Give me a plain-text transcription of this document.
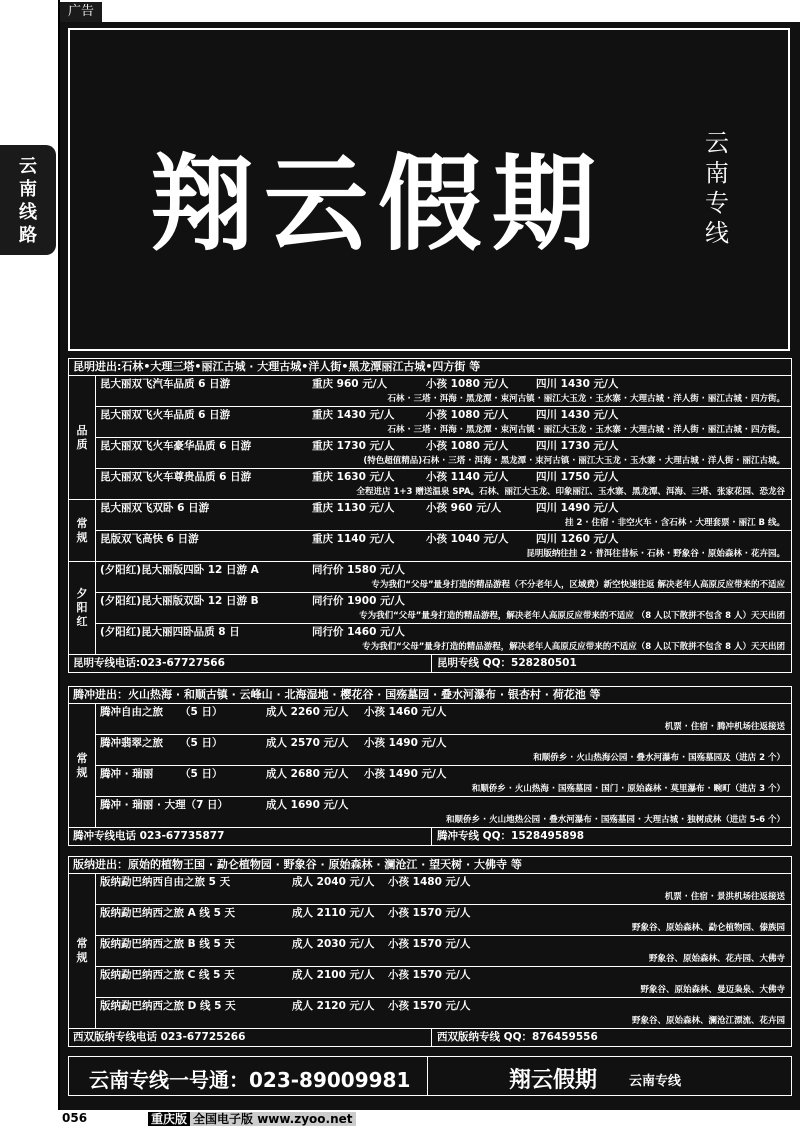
广告
云
南
线
路 翔云假期	云
南
专
线
昆明进出:石林•大理三塔•丽江古城 · 大理古城•洋人街•黑龙潭丽江古城•四方街 等
品
质
昆大丽双飞汽车品质 6 日游	重庆 960 元/人	小孩 1080 元/人	四川 1430 元/人
石林 · 三塔 · 洱海 · 黑龙潭 · 束河古镇 · 丽江大玉龙 · 玉水寨 · 大理古城 · 洋人街 · 丽江古城 · 四方街。
昆大丽双飞火车品质 6 日游	重庆 1430 元/人	小孩 1080 元/人	四川 1430 元/人
石林 · 三塔 · 洱海 · 黑龙潭 · 束河古镇 · 丽江大玉龙 · 玉水寨 · 大理古城 · 洋人街 · 丽江古城 · 四方街。
昆大丽双飞火车豪华品质 6 日游	重庆 1730 元/人	小孩 1080 元/人	四川 1730 元/人
(特色超值精品)石林 · 三塔 · 洱海 · 黑龙潭 · 束河古镇 · 丽江大玉龙 · 玉水寨 · 大理古城 · 洋人街 · 丽江古城。
昆大丽双飞火车尊贵品质 6 日游	重庆 1630 元/人	小孩 1140 元/人	四川 1750 元/人
全程进店 1+3 赠送温泉 SPA。石林、丽江大玉龙、印象丽江、玉水寨、黑龙潭、洱海、三塔、张家花园、恐龙谷
常
规
昆大丽双飞双卧 6 日游	重庆 1130 元/人	小孩 960 元/人	四川 1490 元/人
挂 2 · 住宿 · 非空火车 · 含石林 · 大理套票 · 丽江 B 线。
昆版双飞高快 6 日游	重庆 1140 元/人	小孩 1040 元/人	四川 1260 元/人
昆明版纳往挂 2 · 普洱往昔标 · 石林 · 野象谷 · 原始森林 · 花卉园。
夕
阳
红
(夕阳红)昆大丽版四卧 12 日游 A	同行价 1580 元/人
专为我们“父母”量身打造的精品游程（不分老年人，区域费）新空快速往返 解决老年人高原反应带来的不适应
(夕阳红)昆大丽版双卧 12 日游 B	同行价 1900 元/人
专为我们“父母”量身打造的精品游程，解决老年人高原反应带来的不适应 （8 人以下散拼不包含 8 人）天天出团
(夕阳红)昆大丽四卧品质 8 日	同行价 1460 元/人
专为我们“父母”量身打造的精品游程，解决老年人高原反应带来的不适应（8 人以下散拼不包含 8 人）天天出团
昆明专线电话:023-67727566	昆明专线 QQ：528280501
腾冲进出：火山热海 · 和顺古镇 · 云峰山 · 北海湿地 · 樱花谷 · 国殇墓园 · 叠水河瀑布 · 银杏村 · 荷花池 等
常
规
腾冲自由之旅 （5 日）	成人 2260 元/人 小孩 1460 元/人
机票 · 住宿 · 腾冲机场往返接送
腾冲翡翠之旅 （5 日）	成人 2570 元/人 小孩 1490 元/人
和顺侨乡 · 火山热海公园 · 叠水河瀑布 · 国殇墓园及（进店 2 个）
腾冲 · 瑞丽	（5 日）	成人 2680 元/人 小孩 1490 元/人
和顺侨乡 · 火山热海 · 国殇墓园 · 国门 · 原始森林 · 莫里瀑布 · 畹町（进店 3 个）
腾冲 · 瑞丽 · 大理（7 日）	成人 1690 元/人
和顺侨乡 · 火山地热公园 · 叠水河瀑布 · 国殇墓园 · 大理古城 · 独树成林（进店 5-6 个）
腾冲专线电话 023-67735877	腾冲专线 QQ：1528495898
版纳进出：原始的植物王国 · 勐仑植物园 · 野象谷 · 原始森林 · 澜沧江 · 望天树 · 大佛寺 等
常
规
版纳勐巴纳西自由之旅 5 天	成人 2040 元/人 小孩 1480 元/人
机票 · 住宿 · 景洪机场往返接送
版纳勐巴纳西之旅 A 线 5 天	成人 2110 元/人 小孩 1570 元/人
野象谷、原始森林、勐仑植物园、傣族园
版纳勐巴纳西之旅 B 线 5 天	成人 2030 元/人 小孩 1570 元/人
野象谷、原始森林、花卉园、大佛寺
版纳勐巴纳西之旅 C 线 5 天	成人 2100 元/人 小孩 1570 元/人
野象谷、原始森林、曼迈枭泉、大佛寺
版纳勐巴纳西之旅 D 线 5 天	成人 2120 元/人 小孩 1570 元/人
野象谷、原始森林、澜沧江漂流、花卉园
西双版纳专线电话 023-67725266	西双版纳专线 QQ：876459556
云南专线一号通：023-89009981	翔云假期 云南专线
056	重庆版 全国电子版 www.zyoo.net
